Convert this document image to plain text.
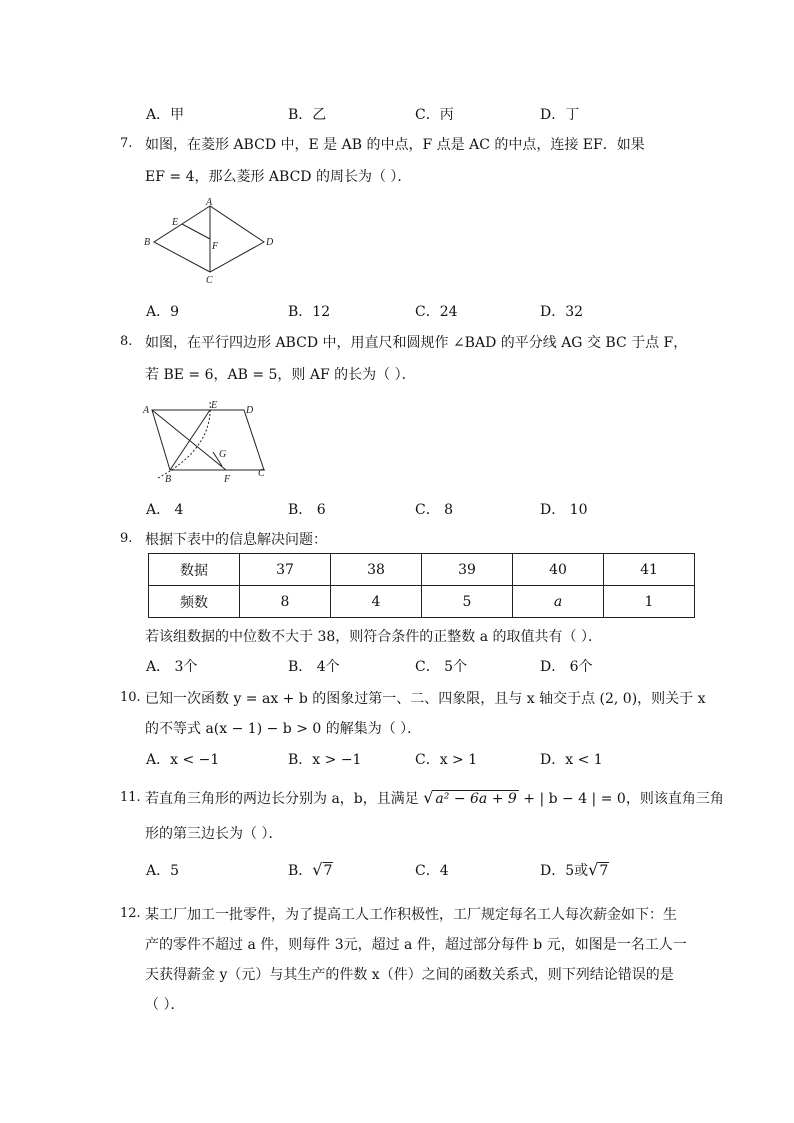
A．甲	B．乙	C．丙	D．丁
7. 如图，在菱形 ABCD 中，E 是 AB 的中点，F 点是 AC 的中点，连接 EF．如果
EF = 4，那么菱形 ABCD 的周长为（ ）．
A
E
B	F	D
C
A．9	B．12	C．24	D．32
8. 如图，在平行四边形 ABCD 中，用直尺和圆规作 ∠BAD 的平分线 AG 交 BC 于点 F，
若 BE = 6，AB = 5，则 AF 的长为（ ）．
A	E	D
G
B	F
C
A． 4	B． 6	C． 8	D． 10
9. 根据下表中的信息解决问题：
数据	37	38	39	40	41
频数	8	4	5	a	1
若该组数据的中位数不大于 38，则符合条件的正整数 a 的取值共有（ ）．
A． 3个	B． 4个	C． 5个	D． 6个
10. 已知一次函数 y = ax + b 的图象过第一、二、四象限，且与 x 轴交于点 (2, 0)，则关于 x
的不等式 a(x − 1) − b > 0 的解集为（ ）．
A．x < −1	B．x > −1	C．x > 1	D．x < 1
11. 若直角三角形的两边长分别为 a，b，且满足 √ a² − 6a + 9 + | b − 4 | = 0，则该直角三角
形的第三边长为（ ）．
A．5	B．√7	C．4	D．5或√7
12. 某工厂加工一批零件，为了提高工人工作积极性，工厂规定每名工人每次薪金如下：生
产的零件不超过 a 件，则每件 3元，超过 a 件，超过部分每件 b 元，如图是一名工人一
天获得薪金 y（元）与其生产的件数 x（件）之间的函数关系式，则下列结论错误的是
（ ）．
